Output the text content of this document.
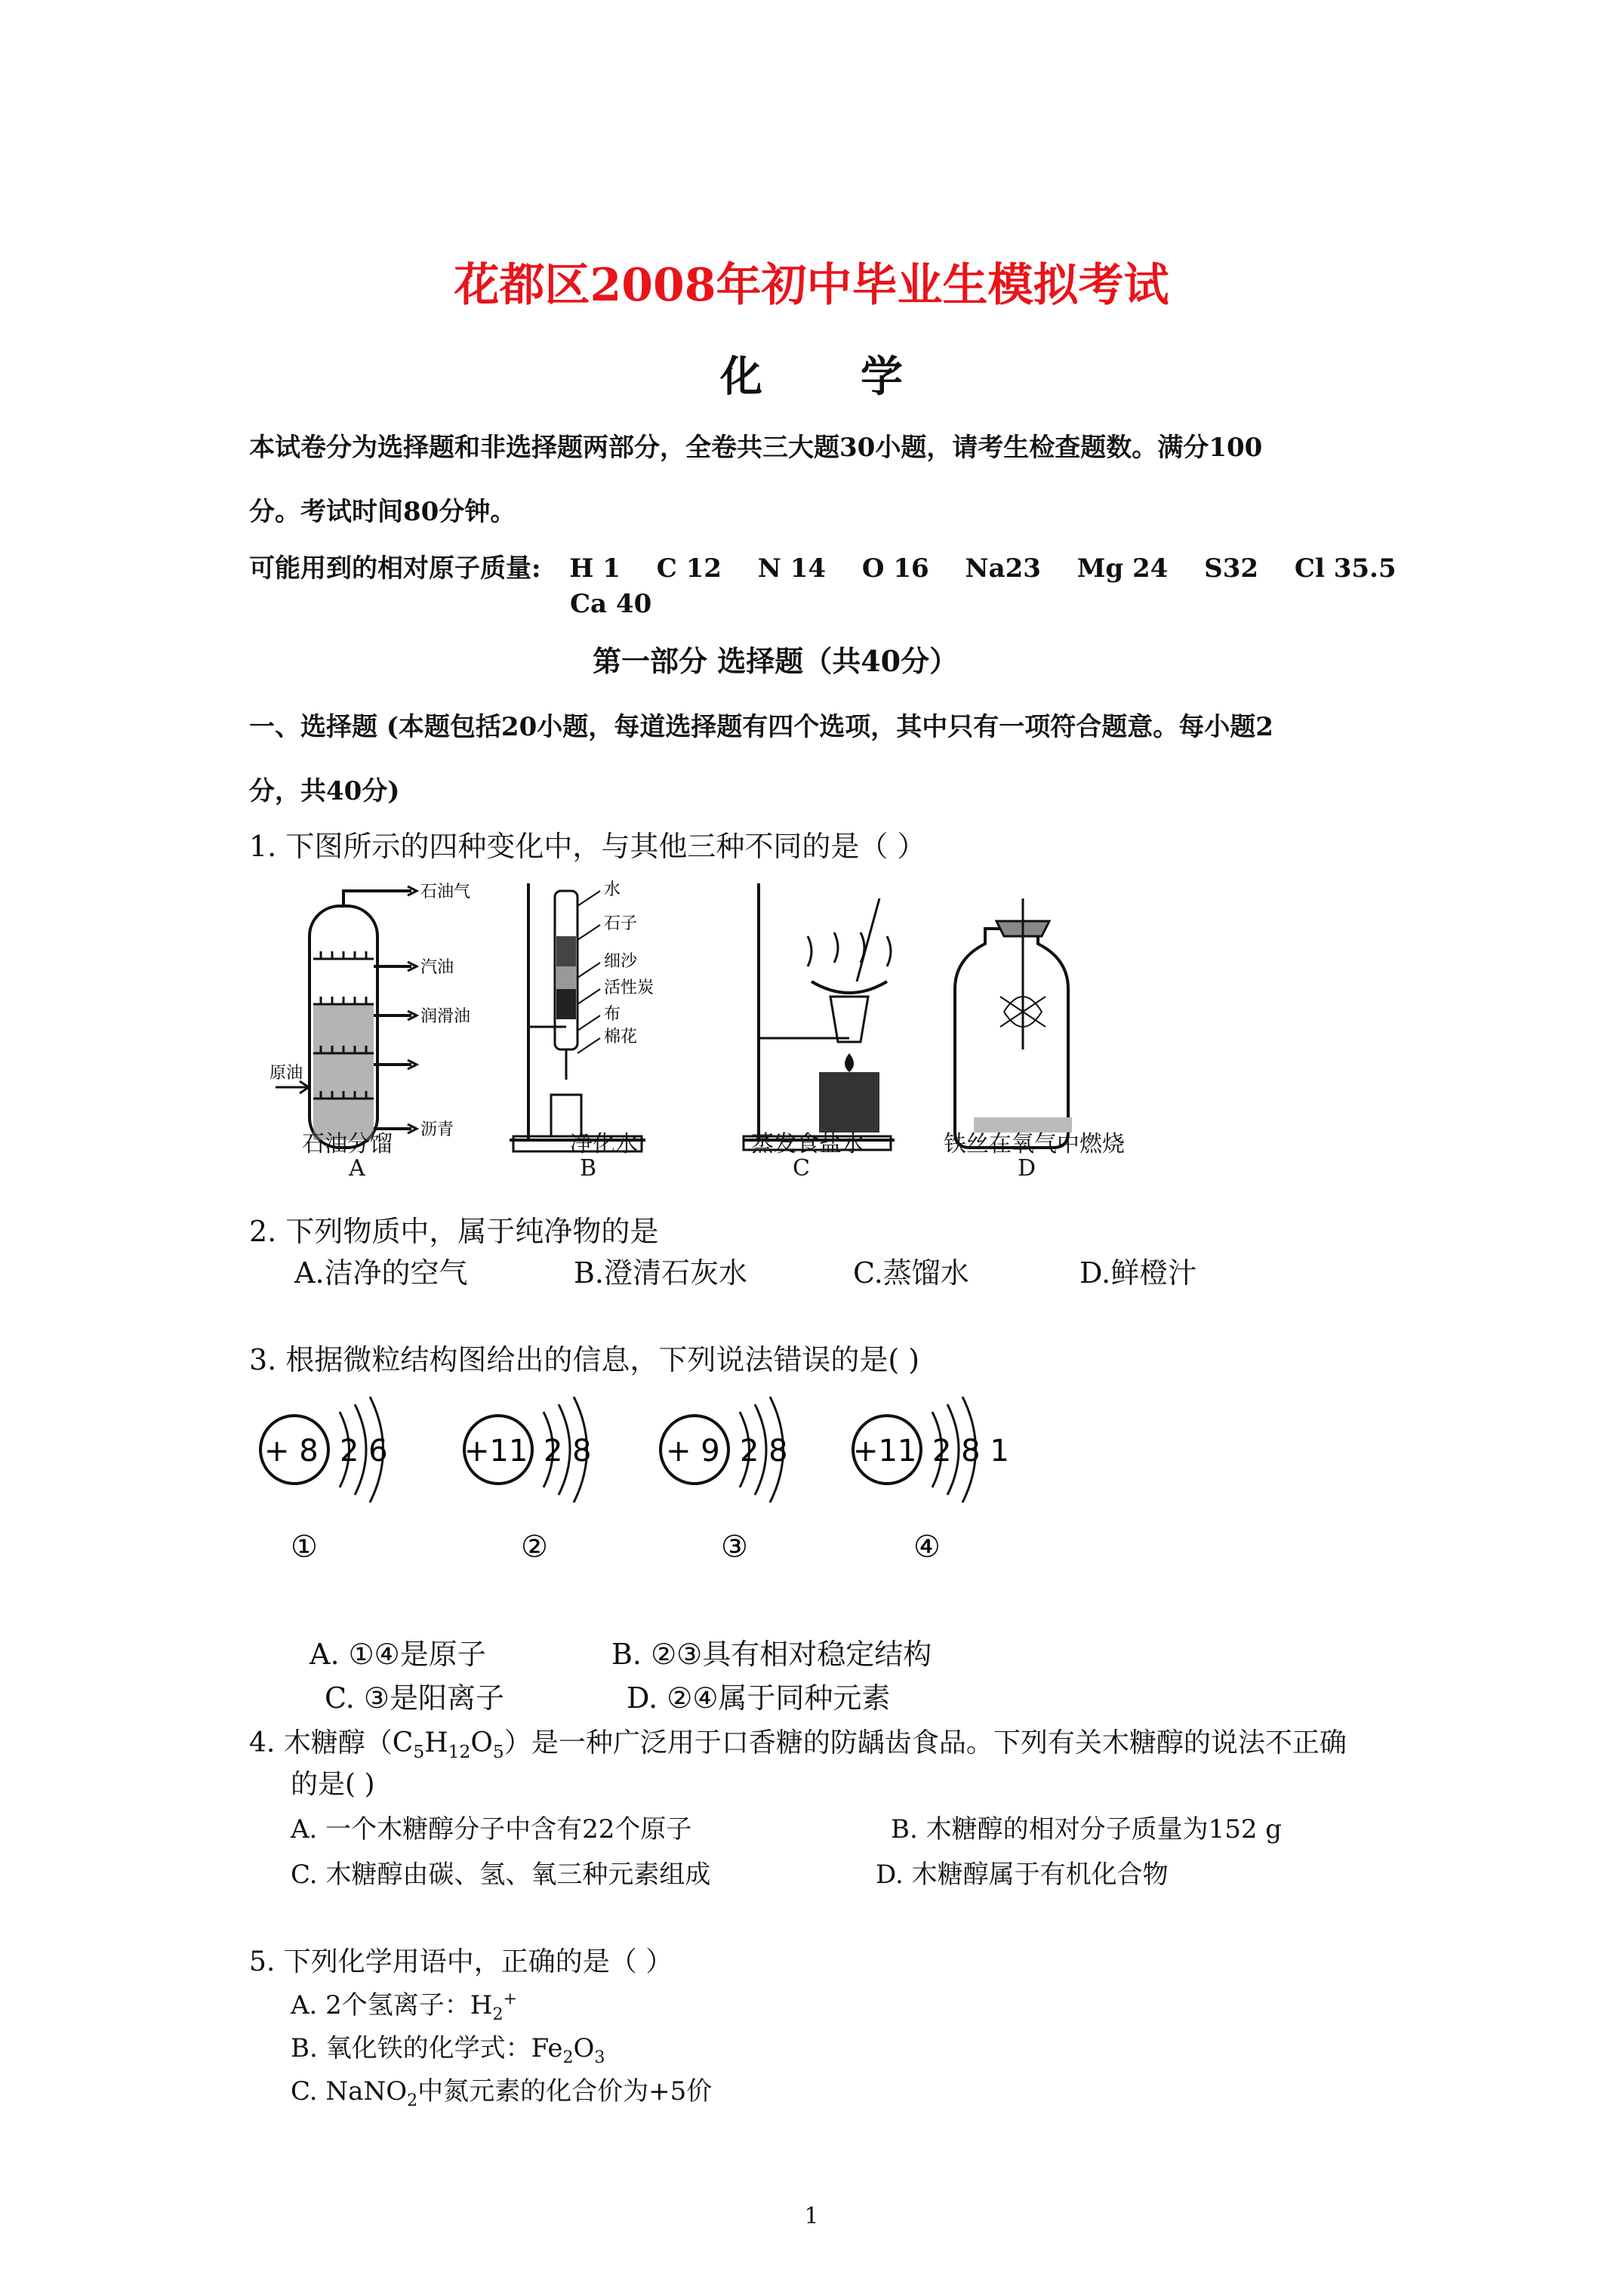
花都区2008年初中毕业生模拟考试
化学
本试卷分为选择题和非选择题两部分，全卷共三大题30小题，请考生检查题数。满分100
分。考试时间80分钟。
可能用到的相对原子质量: H 1 C 12 N 14 O 16 Na23 Mg 24 S32 Cl 35.5
Ca 40
第一部分 选择题（共40分）
一、选择题 (本题包括20小题，每道选择题有四个选项，其中只有一项符合题意。每小题2
分，共40分)
1. 下图所示的四种变化中，与其他三种不同的是（ ）
石油气
汽油
润滑油
原油
沥青
水
石子
细沙
活性炭
布
棉花
石油分馏
A
净化水
B
蒸发食盐水
C
铁丝在氧气中燃烧
D
2. 下列物质中，属于纯净物的是
A.洁净的空气	B.澄清石灰水	C.蒸馏水	D.鲜橙汁
3. 根据微粒结构图给出的信息，下列说法错误的是( )
+ 8 2 6
①
+11 2 8
②
+ 9 2 8
③
+11 2 8 1
④
A. ①④是原子	B. ②③具有相对稳定结构
C. ③是阳离子	D. ②④属于同种元素
4. 木糖醇$(C_5H_{12}O_5)$是一种广泛用于口香糖的防龋齿食品。下列有关木糖醇的说法不正确
的是( )
A. 一个木糖醇分子中含有22个原子	B. 木糖醇的相对分子质量为152 g
C. 木糖醇由碳、氢、氧三种元素组成	D. 木糖醇属于有机化合物
5. 下列化学用语中，正确的是（ ）
A. 2个氢离子：$H_2^+$
B. 氧化铁的化学式：$Fe_2O_3$
C. NaNO$_2$中氮元素的化合价为+5价
1
